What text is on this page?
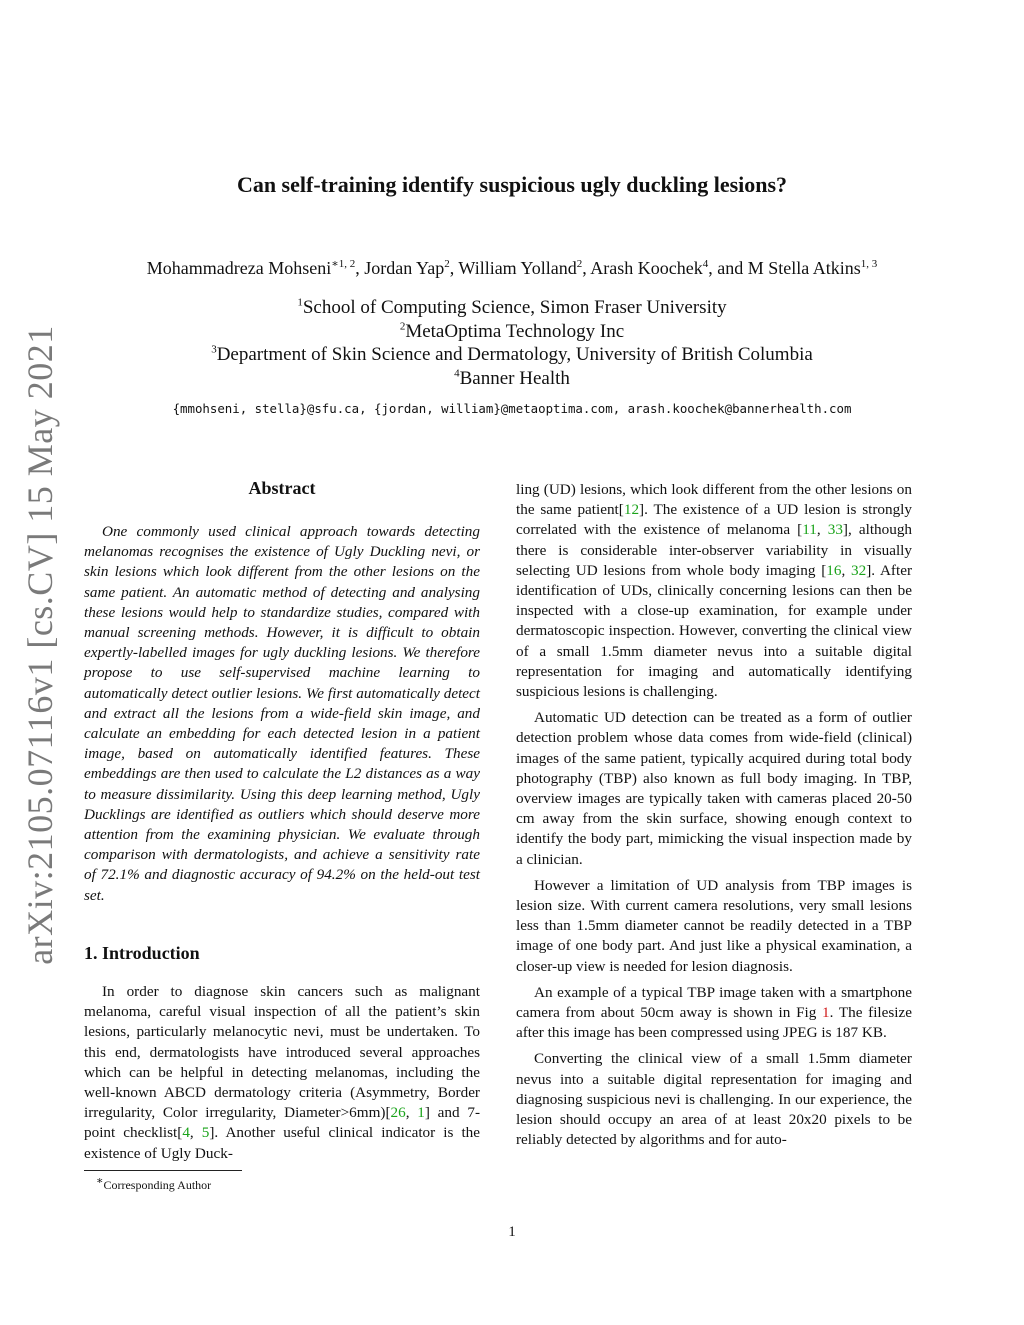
arXiv:2105.07116v1 [cs.CV] 15 May 2021
Can self-training identify suspicious ugly duckling lesions?
Mohammadreza Mohseni$^{∗1, 2}$, Jordan Yap$^2$, William Yolland$^2$, Arash Koochek$^4$, and M Stella Atkins$^{1, 3}$
$^1$School of Computing Science, Simon Fraser University
$^2$MetaOptima Technology Inc
$^3$Department of Skin Science and Dermatology, University of British Columbia
$^4$Banner Health
{mmohseni, stella}@sfu.ca, {jordan, william}@metaoptima.com, arash.koochek@bannerhealth.com
Abstract

One commonly used clinical approach towards detecting melanomas recognises the existence of Ugly Duckling nevi, or skin lesions which look different from the other lesions on the same patient. An automatic method of detecting and analysing these lesions would help to standardize studies, compared with manual screening methods. However, it is difficult to obtain expertly-labelled images for ugly duckling lesions. We therefore propose to use self-supervised machine learning to automatically detect outlier lesions. We first automatically detect and extract all the lesions from a wide-field skin image, and calculate an embedding for each detected lesion in a patient image, based on automatically identified features. These embeddings are then used to calculate the L2 distances as a way to measure dissimilarity. Using this deep learning method, Ugly Ducklings are identified as outliers which should deserve more attention from the examining physician. We evaluate through comparison with dermatologists, and achieve a sensitivity rate of 72.1% and diagnostic accuracy of 94.2% on the held-out test set.

1. Introduction

In order to diagnose skin cancers such as malignant melanoma, careful visual inspection of all the patient’s skin lesions, particularly melanocytic nevi, must be undertaken. To this end, dermatologists have introduced several approaches which can be helpful in detecting melanomas, including the well-known ABCD dermatology criteria (Asymmetry, Border irregularity, Color irregularity, Diameter>6mm)[26, 1] and 7-point checklist[4, 5]. Another useful clinical indicator is the existence of Ugly Duck-

ling (UD) lesions, which look different from the other lesions on the same patient[12]. The existence of a UD lesion is strongly correlated with the existence of melanoma [11, 33], although there is considerable inter-observer variability in visually selecting UD lesions from whole body imaging [16, 32]. After identification of UDs, clinically concerning lesions can then be inspected with a close-up examination, for example under dermatoscopic inspection. However, converting the clinical view of a small 1.5mm diameter nevus into a suitable digital representation for imaging and automatically identifying suspicious lesions is challenging.

Automatic UD detection can be treated as a form of outlier detection problem whose data comes from wide-field (clinical) images of the same patient, typically acquired during total body photography (TBP) also known as full body imaging. In TBP, overview images are typically taken with cameras placed 20-50 cm away from the skin surface, showing enough context to identify the body part, mimicking the visual inspection made by a clinician.

However a limitation of UD analysis from TBP images is lesion size. With current camera resolutions, very small lesions less than 1.5mm diameter cannot be readily detected in a TBP image of one body part. And just like a physical examination, a closer-up view is needed for lesion diagnosis.

An example of a typical TBP image taken with a smartphone camera from about 50cm away is shown in Fig 1. The filesize after this image has been compressed using JPEG is 187 KB.

Converting the clinical view of a small 1.5mm diameter nevus into a suitable digital representation for imaging and diagnosing suspicious nevi is challenging. In our experience, the lesion should occupy an area of at least 20x20 pixels to be reliably detected by algorithms and for auto-

∗Corresponding Author
1
